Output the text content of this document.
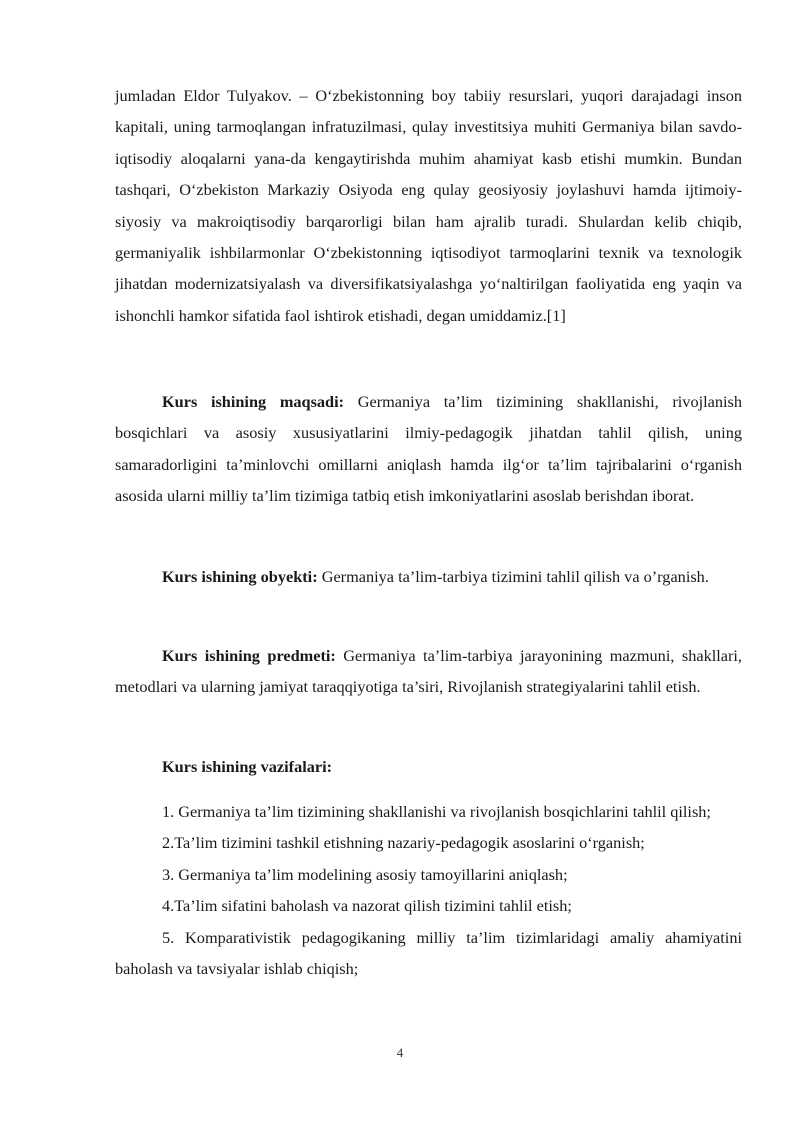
jumladan Eldor Tulyakov. – O‘zbekistonning boy tabiiy resurslari, yuqori darajadagi inson kapitali, uning tarmoqlangan infratuzilmasi, qulay investitsiya muhiti Germaniya bilan savdo-iqtisodiy aloqalarni yana-da kengaytirishda muhim ahamiyat kasb etishi mumkin. Bundan tashqari, O‘zbekiston Markaziy Osiyoda eng qulay geosiyosiy joylashuvi hamda ijtimoiy-siyosiy va makroiqtisodiy barqarorligi bilan ham ajralib turadi. Shulardan kelib chiqib, germaniyalik ishbilarmonlar O‘zbekistonning iqtisodiyot tarmoqlarini texnik va texnologik jihatdan modernizatsiyalash va diversifikatsiyalashga yo‘naltirilgan faoliyatida eng yaqin va ishonchli hamkor sifatida faol ishtirok etishadi, degan umiddamiz.[1]

Kurs ishining maqsadi: Germaniya ta’lim tizimining shakllanishi, rivojlanish bosqichlari va asosiy xususiyatlarini ilmiy-pedagogik jihatdan tahlil qilish, uning samaradorligini ta’minlovchi omillarni aniqlash hamda ilg‘or ta’lim tajribalarini o‘rganish asosida ularni milliy ta’lim tizimiga tatbiq etish imkoniyatlarini asoslab berishdan iborat.

Kurs ishining obyekti: Germaniya ta’lim-tarbiya tizimini tahlil qilish va o’rganish.

Kurs ishining predmeti: Germaniya ta’lim-tarbiya jarayonining mazmuni, shakllari, metodlari va ularning jamiyat taraqqiyotiga ta’siri, Rivojlanish strategiyalarini tahlil etish.

Kurs ishining vazifalari:

1. Germaniya ta’lim tizimining shakllanishi va rivojlanish bosqichlarini tahlil qilish;

2.Ta’lim tizimini tashkil etishning nazariy-pedagogik asoslarini o‘rganish;

3. Germaniya ta’lim modelining asosiy tamoyillarini aniqlash;

4.Ta’lim sifatini baholash va nazorat qilish tizimini tahlil etish;

5. Komparativistik pedagogikaning milliy ta’lim tizimlaridagi amaliy ahamiyatini baholash va tavsiyalar ishlab chiqish;

4
